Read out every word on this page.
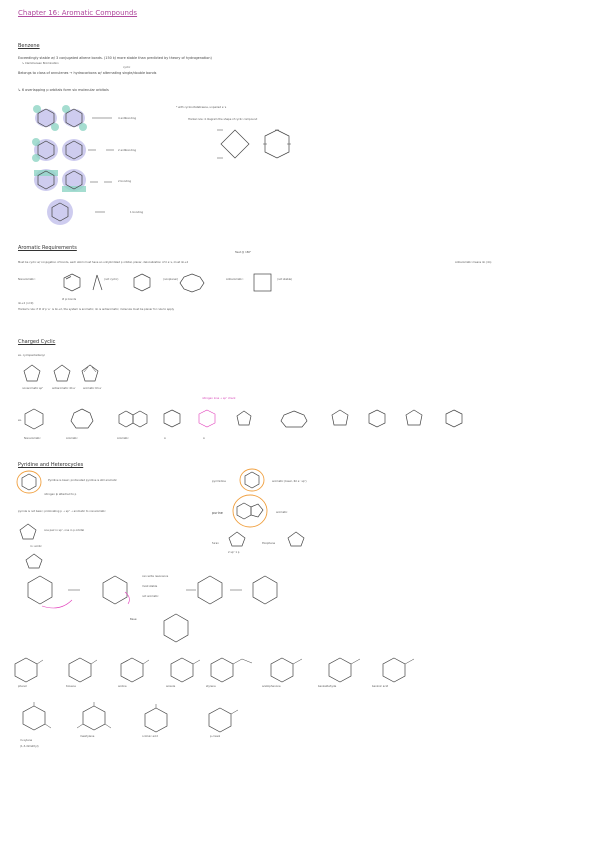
Chapter 16: Aromatic Compounds
Benzene
Exceedingly stable w/ 3 conjugated alkene bonds. (150 kJ more stable than predicted by theory of hydrogenation)
↳ Clemmensen Bromination
cyclic
Belongs to class of annulenes → hydrocarbons w/ alternating single/double bonds
↳ 6 overlapping p orbitals form six molecular orbitals
4 antibonding
2 antibonding
2 bonding
1 bonding
* with cyclooctatetraene, unpaired e⁻s
Hückel rule: 4 diagram the shape of cyclic compound
Aromatic Requirements
fleet @ 180°
Must be cyclic w/ conjugation of bonds, each atom must have an unhybridized p orbital, planar, delocalization of π e⁻s, must 4n+2	Antiaromatic means 4n (4n)
Nonaromatic:	(not cyclic)	(nonplanar)	Antiaromatic:	(not stable)
# pi bonds
4n+2 (n=0)
Hückel's rule: if # of p⁻e⁻ is 4n+2, the system is aromatic; 4n is antiaromatic; molecule must be planar for rule to apply
Charged Cyclic
ex. cyclopentadienyl
nonaromatic sp³	antiaromatic 4π e⁻	aromatic 6π e⁻
ex.
nitrogen lone → sp² check
Nonaromatic	Aromatic	Aromatic	A	A
Pyridine and Heterocycles
Pyridine is basic; protonated pyridine is still aromatic
nitrogen lp attached to p
pyrimidine	aromatic (basic, 6π e⁻ sp²)
pyrrole is not basic; protonating p → sp³ → aromatic to nonaromatic	purine	aromatic
one pair in sp², one in p orbital
furan	thiophene
2 sp² 1 p
ro: acidic
can write resonance
most stable
not aromatic
Base:
phenol	toluene	aniline	anisole	styrene	acetophenone	benzaldehyde	benzoic acid
m-xylene
(1,3-dimethyl)
mesitylene	o-toluic acid	p-cresol
